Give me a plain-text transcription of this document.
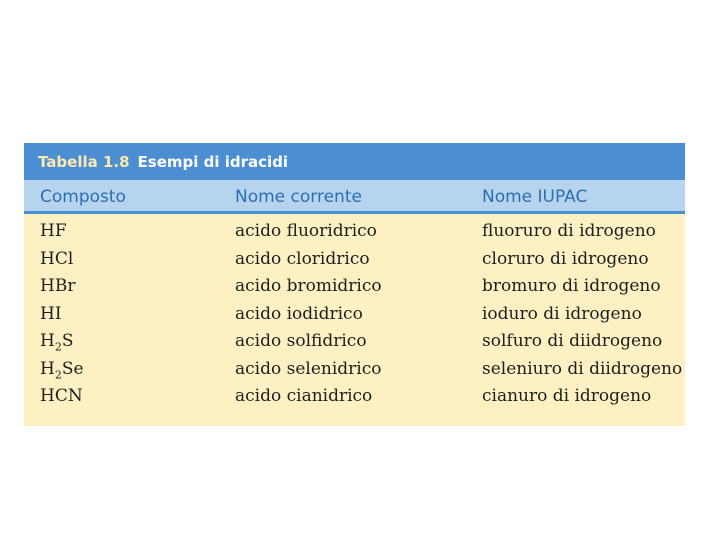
Tabella 1.8 Esempi di idracidi
Composto	Nome corrente	Nome IUPAC
HF	acido fluoridrico	fluoruro di idrogeno
HCl	acido cloridrico	cloruro di idrogeno
HBr	acido bromidrico	bromuro di idrogeno
HI	acido iodidrico	ioduro di idrogeno
$H_2S$	acido solfidrico	solfuro di diidrogeno
$H_2Se$	acido selenidrico	seleniuro di diidrogeno
HCN	acido cianidrico	cianuro di idrogeno
